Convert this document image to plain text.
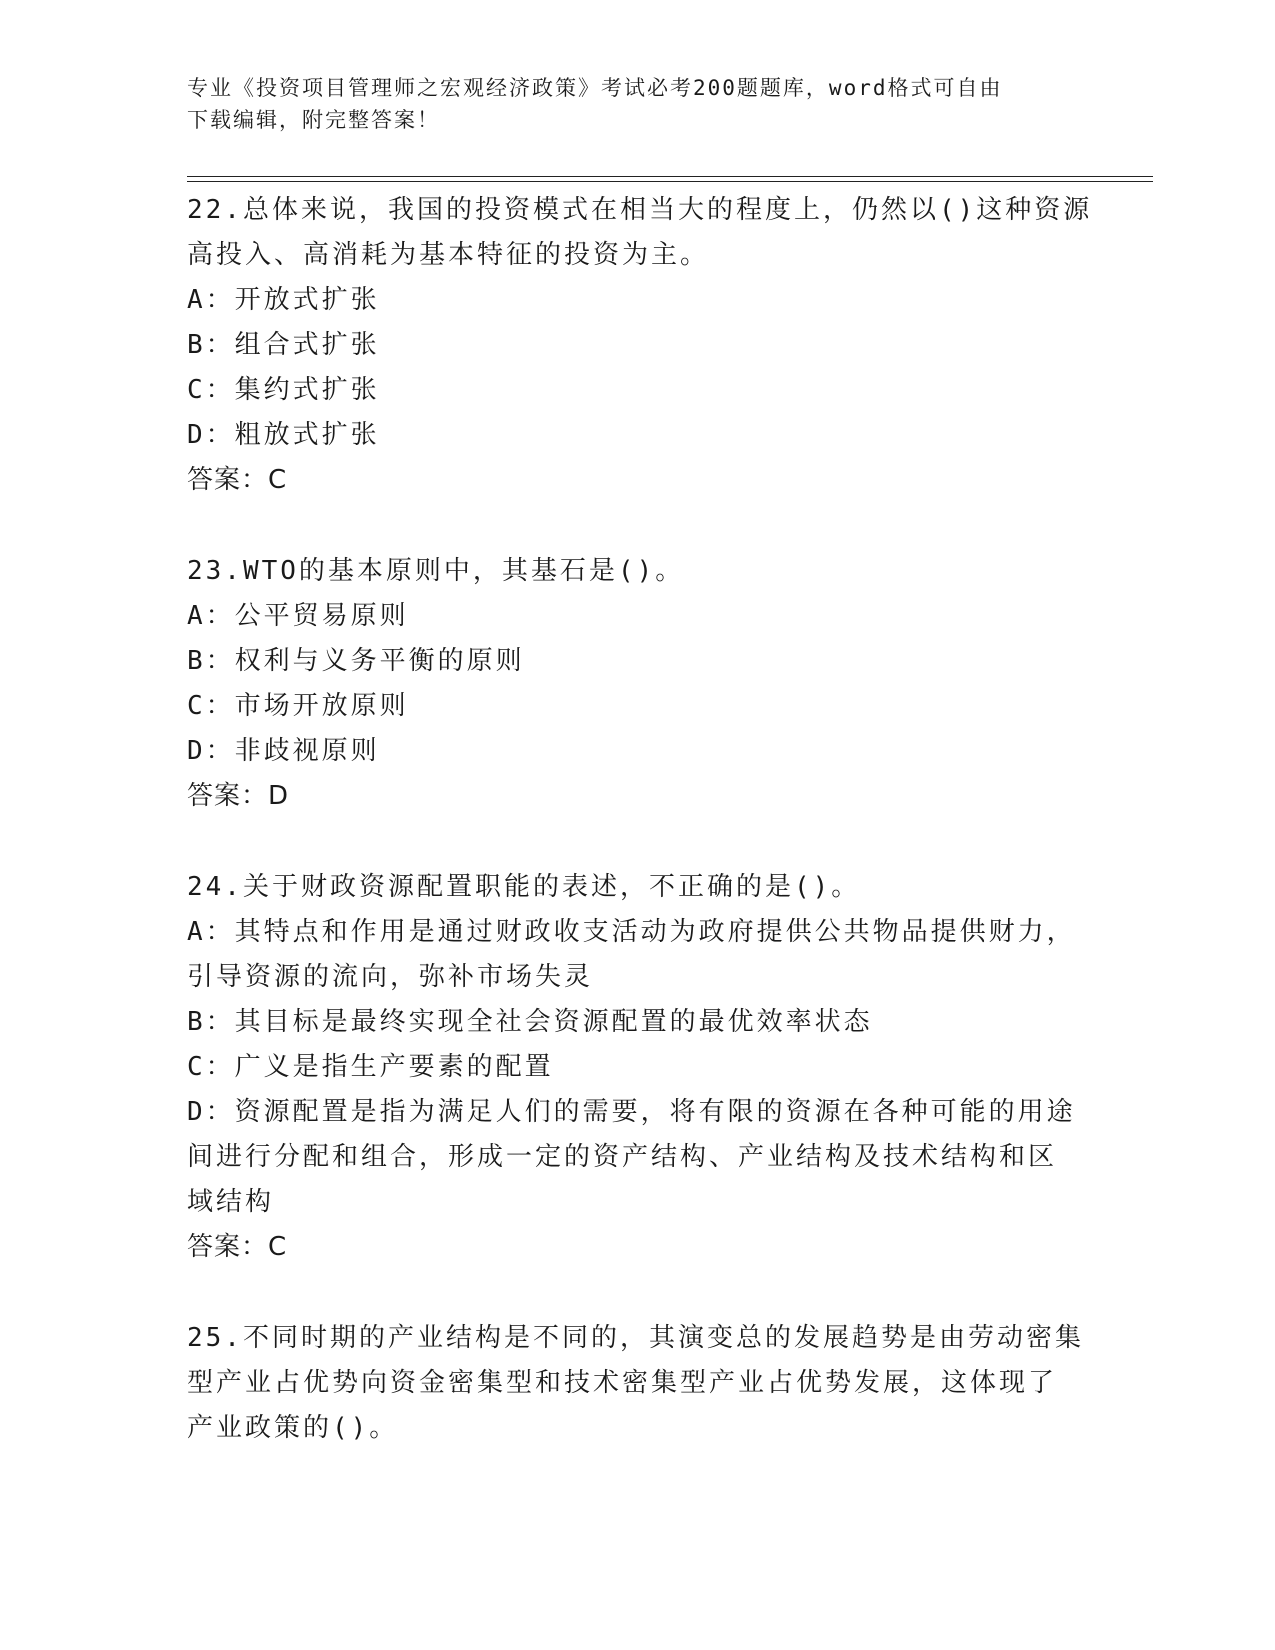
专业《投资项目管理师之宏观经济政策》考试必考200题题库，word格式可自由
下载编辑，附完整答案！
22.总体来说，我国的投资模式在相当大的程度上，仍然以()这种资源
高投入、高消耗为基本特征的投资为主。
A：开放式扩张
B：组合式扩张
C：集约式扩张
D：粗放式扩张
答案：C
23.WTO的基本原则中，其基石是()。
A：公平贸易原则
B：权利与义务平衡的原则
C：市场开放原则
D：非歧视原则
答案：D
24.关于财政资源配置职能的表述，不正确的是()。
A：其特点和作用是通过财政收支活动为政府提供公共物品提供财力，
引导资源的流向，弥补市场失灵
B：其目标是最终实现全社会资源配置的最优效率状态
C：广义是指生产要素的配置
D：资源配置是指为满足人们的需要，将有限的资源在各种可能的用途
间进行分配和组合，形成一定的资产结构、产业结构及技术结构和区
域结构
答案：C
25.不同时期的产业结构是不同的，其演变总的发展趋势是由劳动密集
型产业占优势向资金密集型和技术密集型产业占优势发展，这体现了
产业政策的()。
